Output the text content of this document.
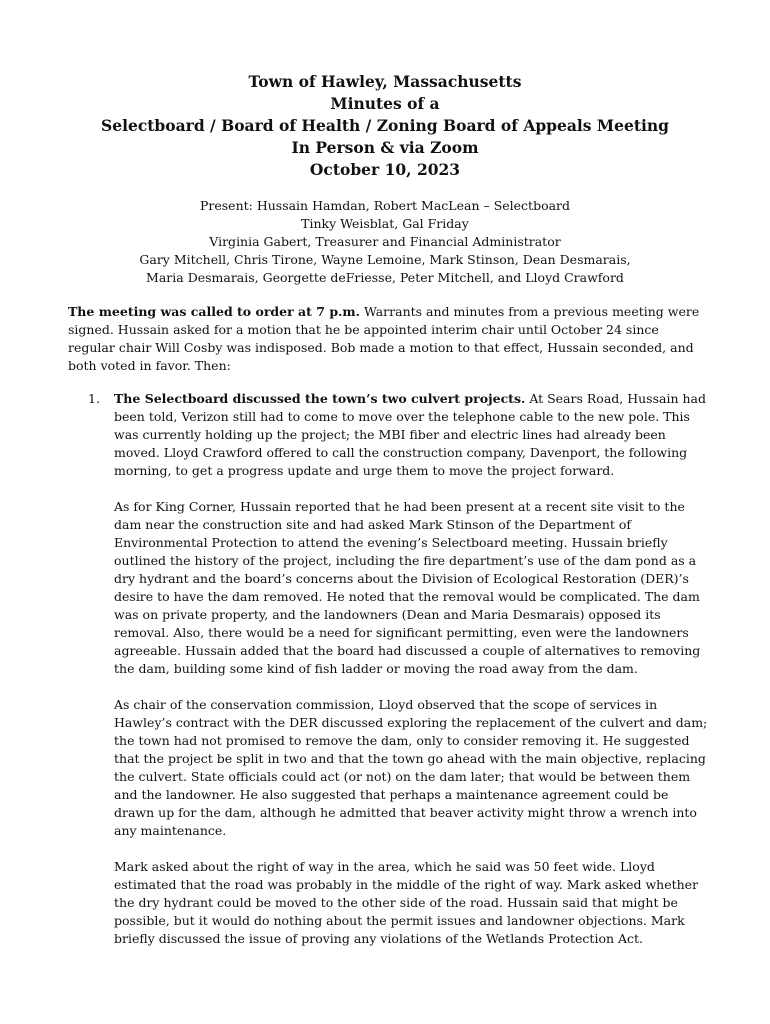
Town of Hawley, Massachusetts
Minutes of a
Selectboard / Board of Health / Zoning Board of Appeals Meeting
In Person & via Zoom
October 10, 2023
Present: Hussain Hamdan, Robert MacLean – Selectboard
Tinky Weisblat, Gal Friday
Virginia Gabert, Treasurer and Financial Administrator
Gary Mitchell, Chris Tirone, Wayne Lemoine, Mark Stinson, Dean Desmarais,
Maria Desmarais, Georgette deFriesse, Peter Mitchell, and Lloyd Crawford
The meeting was called to order at 7 p.m. Warrants and minutes from a previous meeting were signed. Hussain asked for a motion that he be appointed interim chair until October 24 since regular chair Will Cosby was indisposed. Bob made a motion to that effect, Hussain seconded, and both voted in favor. Then:
1. The Selectboard discussed the town’s two culvert projects. At Sears Road, Hussain had been told, Verizon still had to come to move over the telephone cable to the new pole. This was currently holding up the project; the MBI fiber and electric lines had already been moved. Lloyd Crawford offered to call the construction company, Davenport, the following morning, to get a progress update and urge them to move the project forward.

As for King Corner, Hussain reported that he had been present at a recent site visit to the dam near the construction site and had asked Mark Stinson of the Department of Environmental Protection to attend the evening’s Selectboard meeting. Hussain briefly outlined the history of the project, including the fire department’s use of the dam pond as a dry hydrant and the board’s concerns about the Division of Ecological Restoration (DER)’s desire to have the dam removed. He noted that the removal would be complicated. The dam was on private property, and the landowners (Dean and Maria Desmarais) opposed its removal. Also, there would be a need for significant permitting, even were the landowners agreeable. Hussain added that the board had discussed a couple of alternatives to removing the dam, building some kind of fish ladder or moving the road away from the dam.

As chair of the conservation commission, Lloyd observed that the scope of services in Hawley’s contract with the DER discussed exploring the replacement of the culvert and dam; the town had not promised to remove the dam, only to consider removing it. He suggested that the project be split in two and that the town go ahead with the main objective, replacing the culvert. State officials could act (or not) on the dam later; that would be between them and the landowner. He also suggested that perhaps a maintenance agreement could be drawn up for the dam, although he admitted that beaver activity might throw a wrench into any maintenance.

Mark asked about the right of way in the area, which he said was 50 feet wide. Lloyd estimated that the road was probably in the middle of the right of way. Mark asked whether the dry hydrant could be moved to the other side of the road. Hussain said that might be possible, but it would do nothing about the permit issues and landowner objections. Mark briefly discussed the issue of proving any violations of the Wetlands Protection Act.
